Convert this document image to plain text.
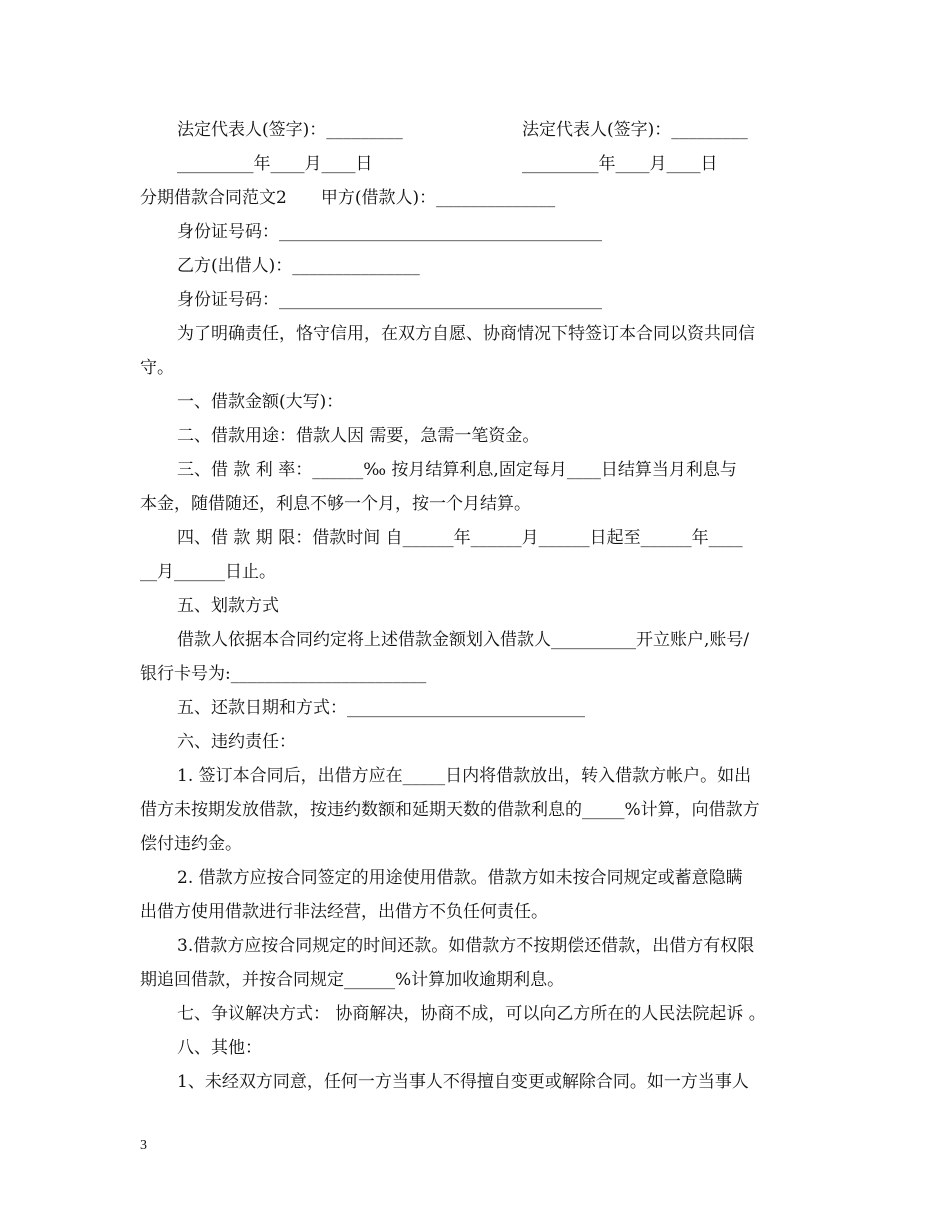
法定代表人(签字)：_________	法定代表人(签字)：_________
_________年____月____日	_________年____月____日
分期借款合同范文2　　甲方(借款人)：______________
身份证号码：______________________________________
乙方(出借人)：_______________
身份证号码：______________________________________
为了明确责任，恪守信用，在双方自愿、协商情况下特签订本合同以资共同信
守。
一、借款金额(大写)：
二、借款用途：借款人因 需要，急需一笔资金。
三、借 款 利 率：______‰ 按月结算利息,固定每月____日结算当月利息与
本金，随借随还，利息不够一个月，按一个月结算。
四、借 款 期 限：借款时间 自______年______月______日起至______年____
__月______日止。
五、划款方式
借款人依据本合同约定将上述借款金额划入借款人__________开立账户,账号/
银行卡号为:_______________________
五、还款日期和方式：____________________________
六、违约责任：
1. 签订本合同后，出借方应在_____日内将借款放出，转入借款方帐户。如出
借方未按期发放借款，按违约数额和延期天数的借款利息的_____%计算，向借款方
偿付违约金。
2. 借款方应按合同签定的用途使用借款。借款方如未按合同规定或蓄意隐瞒
出借方使用借款进行非法经营，出借方不负任何责任。
3.借款方应按合同规定的时间还款。如借款方不按期偿还借款，出借方有权限
期追回借款，并按合同规定______%计算加收逾期利息。
七、争议解决方式： 协商解决，协商不成，可以向乙方所在的人民法院起诉 。
八、其他：
1、未经双方同意，任何一方当事人不得擅自变更或解除合同。如一方当事人
3
